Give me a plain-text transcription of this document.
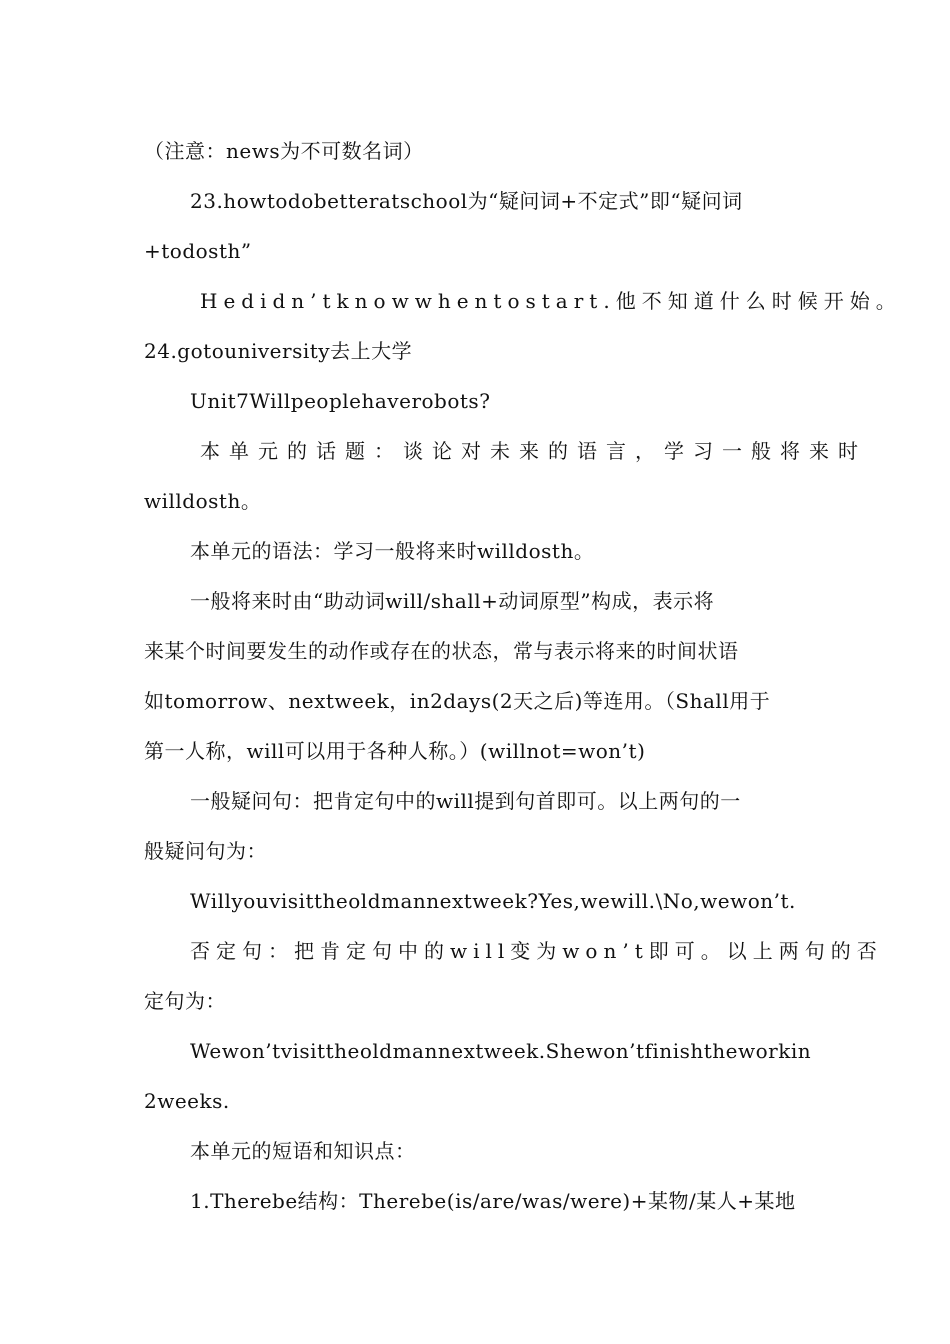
（注意：news为不可数名词）
23.howtodobetteratschool为“疑问词+不定式”即“疑问词
+todosth”
Hedidn’tknowwhentostart.他不知道什么时候开始。
24.gotouniversity去上大学
Unit7Willpeoplehaverobots?
本单元的话题：谈论对未来的语言，学习一般将来时
willdosth。
本单元的语法：学习一般将来时willdosth。
一般将来时由“助动词will/shall+动词原型”构成，表示将
来某个时间要发生的动作或存在的状态，常与表示将来的时间状语
如tomorrow、nextweek，in2days(2天之后)等连用。（Shall用于
第一人称，will可以用于各种人称。）(willnot=won’t)
一般疑问句：把肯定句中的will提到句首即可。以上两句的一
般疑问句为：
Willyouvisittheoldmannextweek?Yes,wewill.\No,wewon’t.
否定句：把肯定句中的will变为won’t即可。以上两句的否
定句为：
Wewon’tvisittheoldmannextweek.Shewon’tfinishtheworkin
2weeks.
本单元的短语和知识点：
1.Therebe结构：Therebe(is/are/was/were)+某物/某人+某地
